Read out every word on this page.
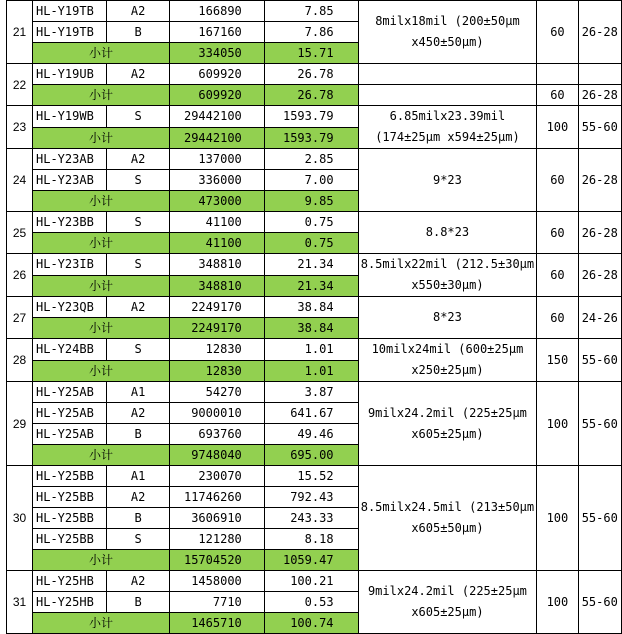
21	HL-Y19TB	A2	166890	7.85	8milx18mil (200±50μm x450±50μm)	60	26-28
	HL-Y19TB	B	167160	7.86			
	小计		334050	15.71			
22	HL-Y19UB	A2	609920	26.78			
	小计		609920	26.78		60	26-28
23	HL-Y19WB	S	29442100	1593.79	6.85milx23.39mil (174±25μm x594±25μm)	100	55-60
	小计		29442100	1593.79			
24	HL-Y23AB	A2	137000	2.85	9*23	60	26-28
	HL-Y23AB	S	336000	7.00			
	小计		473000	9.85			
25	HL-Y23BB	S	41100	0.75	8.8*23	60	26-28
	小计		41100	0.75			
26	HL-Y23IB	S	348810	21.34	8.5milx22mil (212.5±30μm x550±30μm)	60	26-28
	小计		348810	21.34			
27	HL-Y23QB	A2	2249170	38.84	8*23	60	24-26
	小计		2249170	38.84			
28	HL-Y24BB	S	12830	1.01	10milx24mil (600±25μm x250±25μm)	150	55-60
	小计		12830	1.01			
29	HL-Y25AB	A1	54270	3.87	9milx24.2mil (225±25μm x605±25μm)	100	55-60
	HL-Y25AB	A2	9000010	641.67			
	HL-Y25AB	B	693760	49.46			
	小计		9748040	695.00			
30	HL-Y25BB	A1	230070	15.52	8.5milx24.5mil (213±50μm x605±50μm)	100	55-60
	HL-Y25BB	A2	11746260	792.43			
	HL-Y25BB	B	3606910	243.33			
	HL-Y25BB	S	121280	8.18			
	小计		15704520	1059.47			
31	HL-Y25HB	A2	1458000	100.21	9milx24.2mil (225±25μm x605±25μm)	100	55-60
	HL-Y25HB	B	7710	0.53			
	小计		1465710	100.74			
